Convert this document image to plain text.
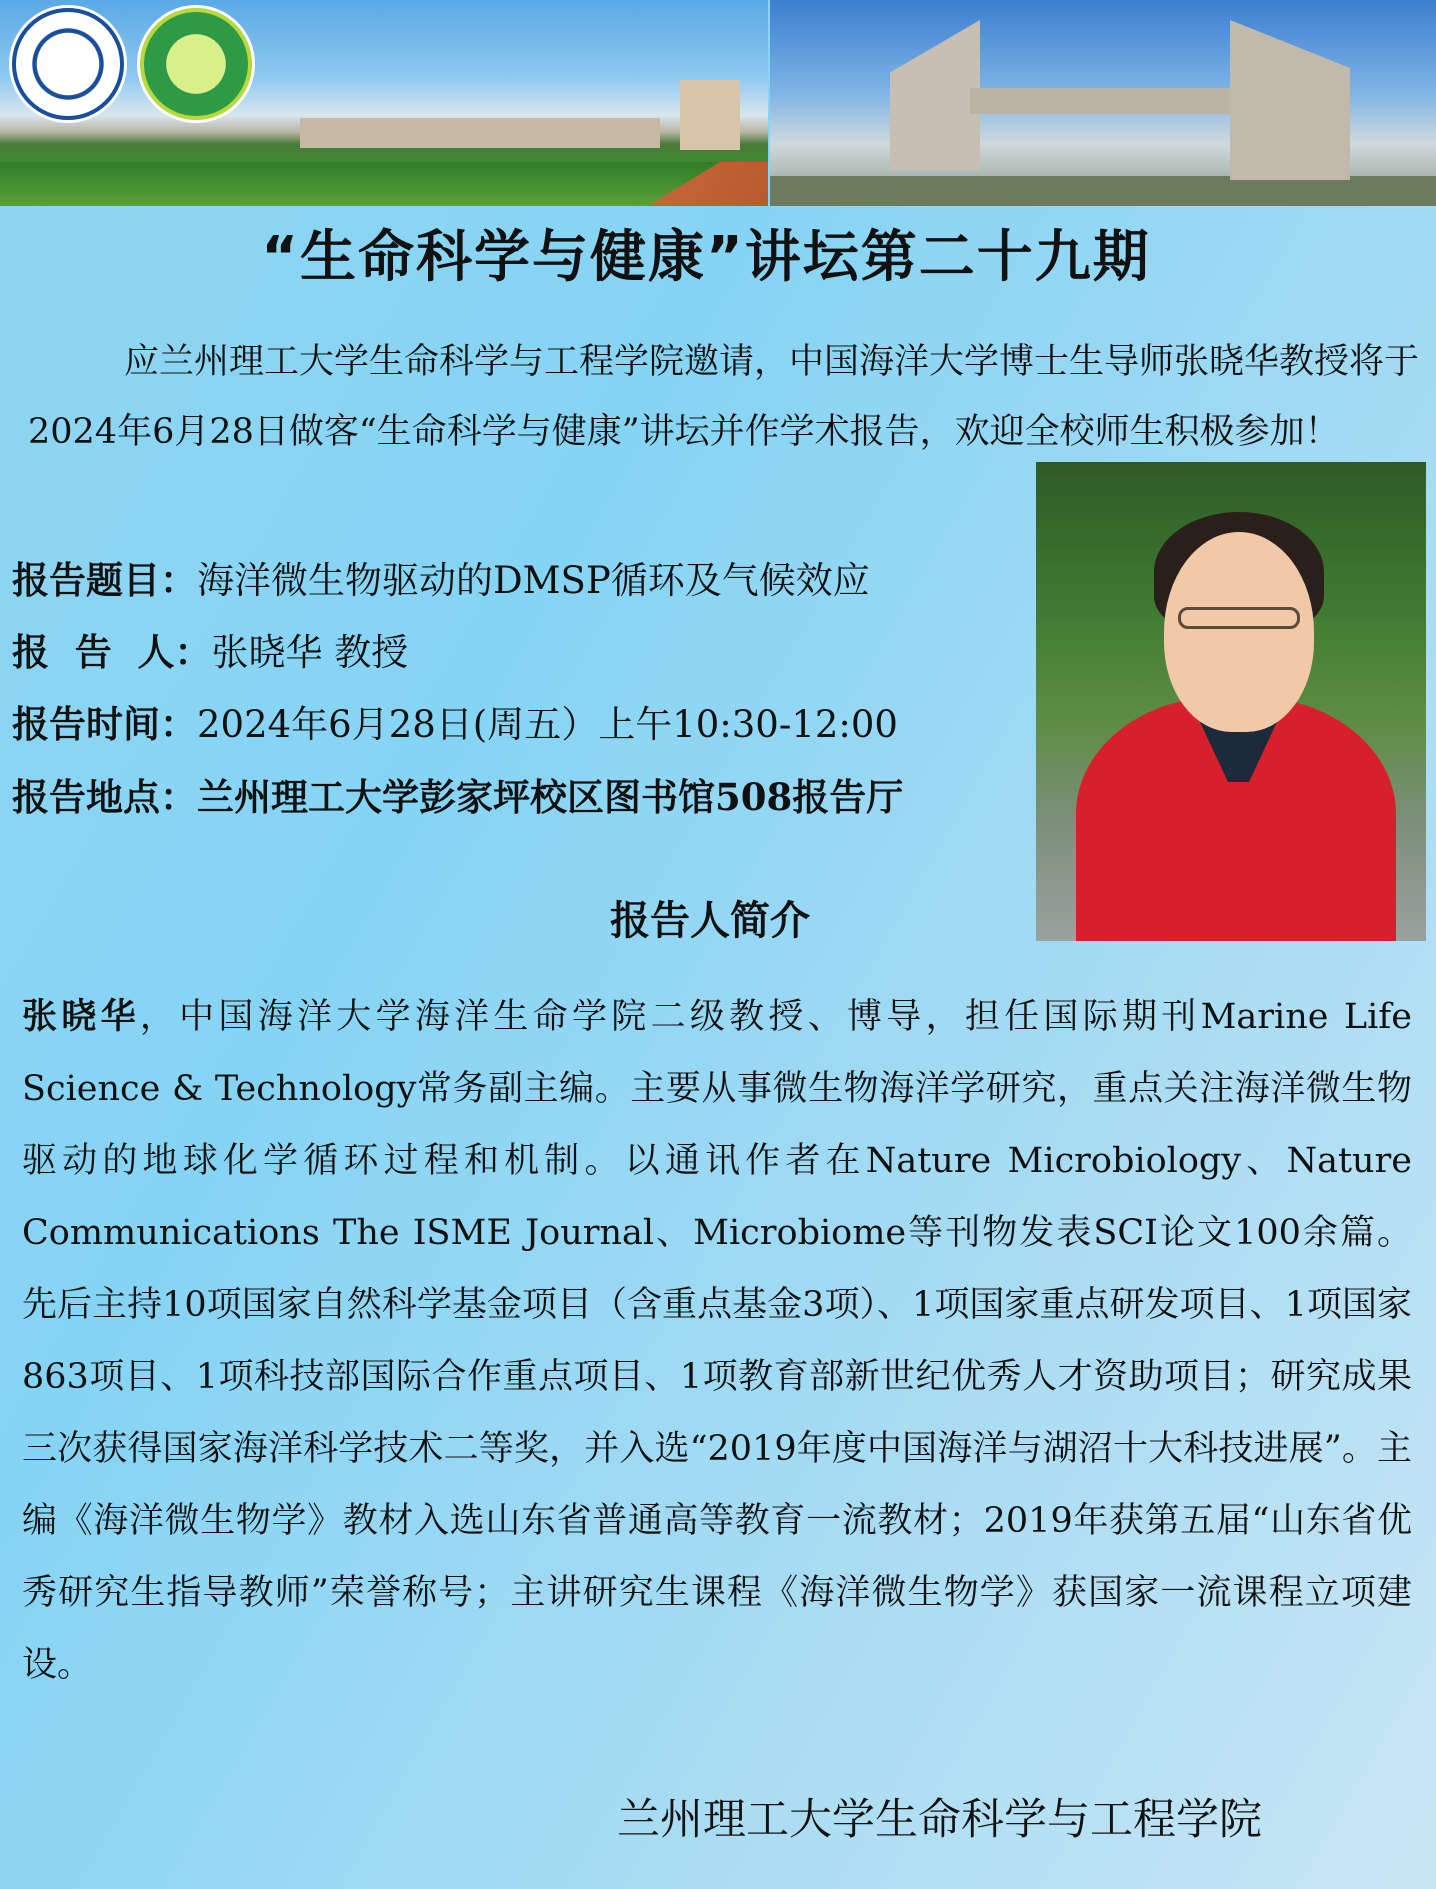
“生命科学与健康”讲坛第二十九期

应兰州理工大学生命科学与工程学院邀请，中国海洋大学博士生导师张晓华教授将于2024年6月28日做客“生命科学与健康”讲坛并作学术报告，欢迎全校师生积极参加！

报告题目：海洋微生物驱动的DMSP循环及气候效应
报  告  人：张晓华 教授
报告时间：2024年6月28日(周五）上午10:30-12:00
报告地点：兰州理工大学彭家坪校区图书馆508报告厅
报告人简介

张晓华，中国海洋大学海洋生命学院二级教授、博导，担任国际期刊Marine Life Science & Technology常务副主编。主要从事微生物海洋学研究，重点关注海洋微生物驱动的地球化学循环过程和机制。以通讯作者在Nature Microbiology、Nature Communications The ISME Journal、Microbiome等刊物发表SCI论文100余篇。先后主持10项国家自然科学基金项目（含重点基金3项）、1项国家重点研发项目、1项国家863项目、1项科技部国际合作重点项目、1项教育部新世纪优秀人才资助项目；研究成果三次获得国家海洋科学技术二等奖，并入选“2019年度中国海洋与湖沼十大科技进展”。主编《海洋微生物学》教材入选山东省普通高等教育一流教材；2019年获第五届“山东省优秀研究生指导教师”荣誉称号；主讲研究生课程《海洋微生物学》获国家一流课程立项建设。

兰州理工大学生命科学与工程学院
